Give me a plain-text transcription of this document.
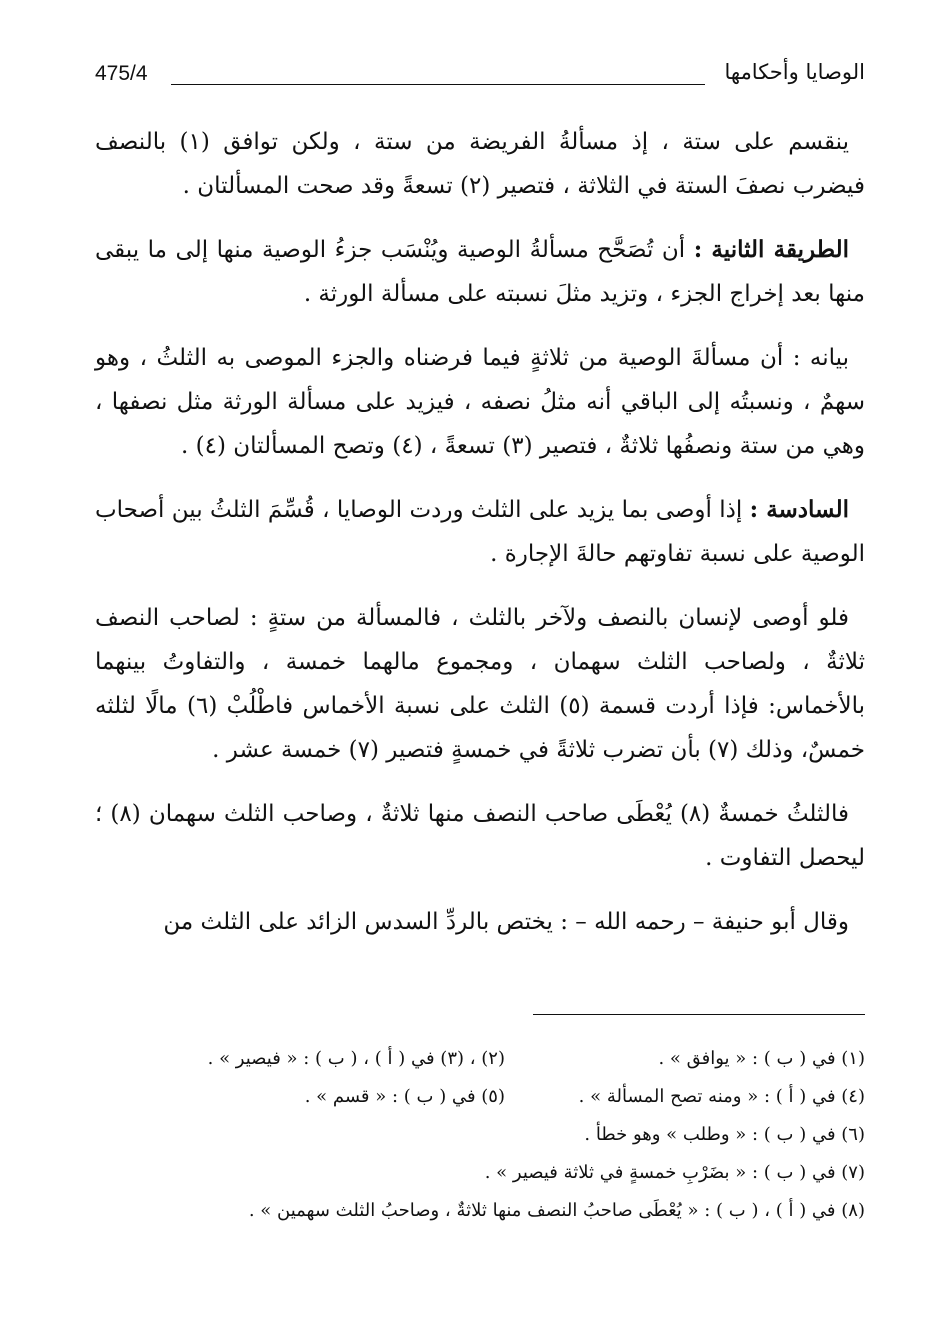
475/4	الوصايا وأحكامها

ينقسم على ستة ، إذ مسألةُ الفريضة من ستة ، ولكن توافق (١) بالنصف فيضرب نصفَ الستة في الثلاثة ، فتصير (٢) تسعةً وقد صحت المسألتان .

الطريقة الثانية : أن تُصَحَّح مسألةُ الوصية ويُنْسَب جزءُ الوصية منها إلى ما يبقى منها بعد إخراج الجزء ، وتزيد مثلَ نسبته على مسألة الورثة .

بيانه : أن مسألةَ الوصية من ثلاثةٍ فيما فرضناه والجزء الموصى به الثلثُ ، وهو سهمٌ ، ونسبتُه إلى الباقي أنه مثلُ نصفه ، فيزيد على مسألة الورثة مثل نصفها ، وهي من ستة ونصفُها ثلاثةٌ ، فتصير (٣) تسعةً ، (٤) وتصح المسألتان (٤) .

السادسة : إذا أوصى بما يزيد على الثلث وردت الوصايا ، قُسِّمَ الثلثُ بين أصحاب الوصية على نسبة تفاوتهم حالةَ الإجارة .

فلو أوصى لإنسان بالنصف ولآخر بالثلث ، فالمسألة من ستةٍ : لصاحب النصف ثلاثةٌ ، ولصاحب الثلث سهمان ، ومجموع مالهما خمسة ، والتفاوتُ بينهما بالأخماس: فإذا أردت قسمة (٥) الثلث على نسبة الأخماس فاطْلُبْ (٦) مالًا لثلثه خمسٌ، وذلك (٧) بأن تضرب ثلاثةً في خمسةٍ فتصير (٧) خمسة عشر .

فالثلثُ خمسةٌ (٨) يُعْطَى صاحب النصف منها ثلاثةٌ ، وصاحب الثلث سهمان (٨) ؛ ليحصل التفاوت .

وقال أبو حنيفة – رحمه الله – : يختص بالردِّ السدس الزائد على الثلث من

(١) في ( ب ) : « يوافق » .
(٢) ، (٣) في ( أ ) ، ( ب ) : « فيصير » .
(٤) في ( أ ) : « ومنه تصح المسألة » .
(٥) في ( ب ) : « قسم » .
(٦) في ( ب ) : « وطلب » وهو خطأ .
(٧) في ( ب ) : « بضَرْبِ خمسةٍ في ثلاثة فيصير » .
(٨) في ( أ ) ، ( ب ) : « يُعْطَى صاحبُ النصف منها ثلاثةٌ ، وصاحبُ الثلث سهمين » .
